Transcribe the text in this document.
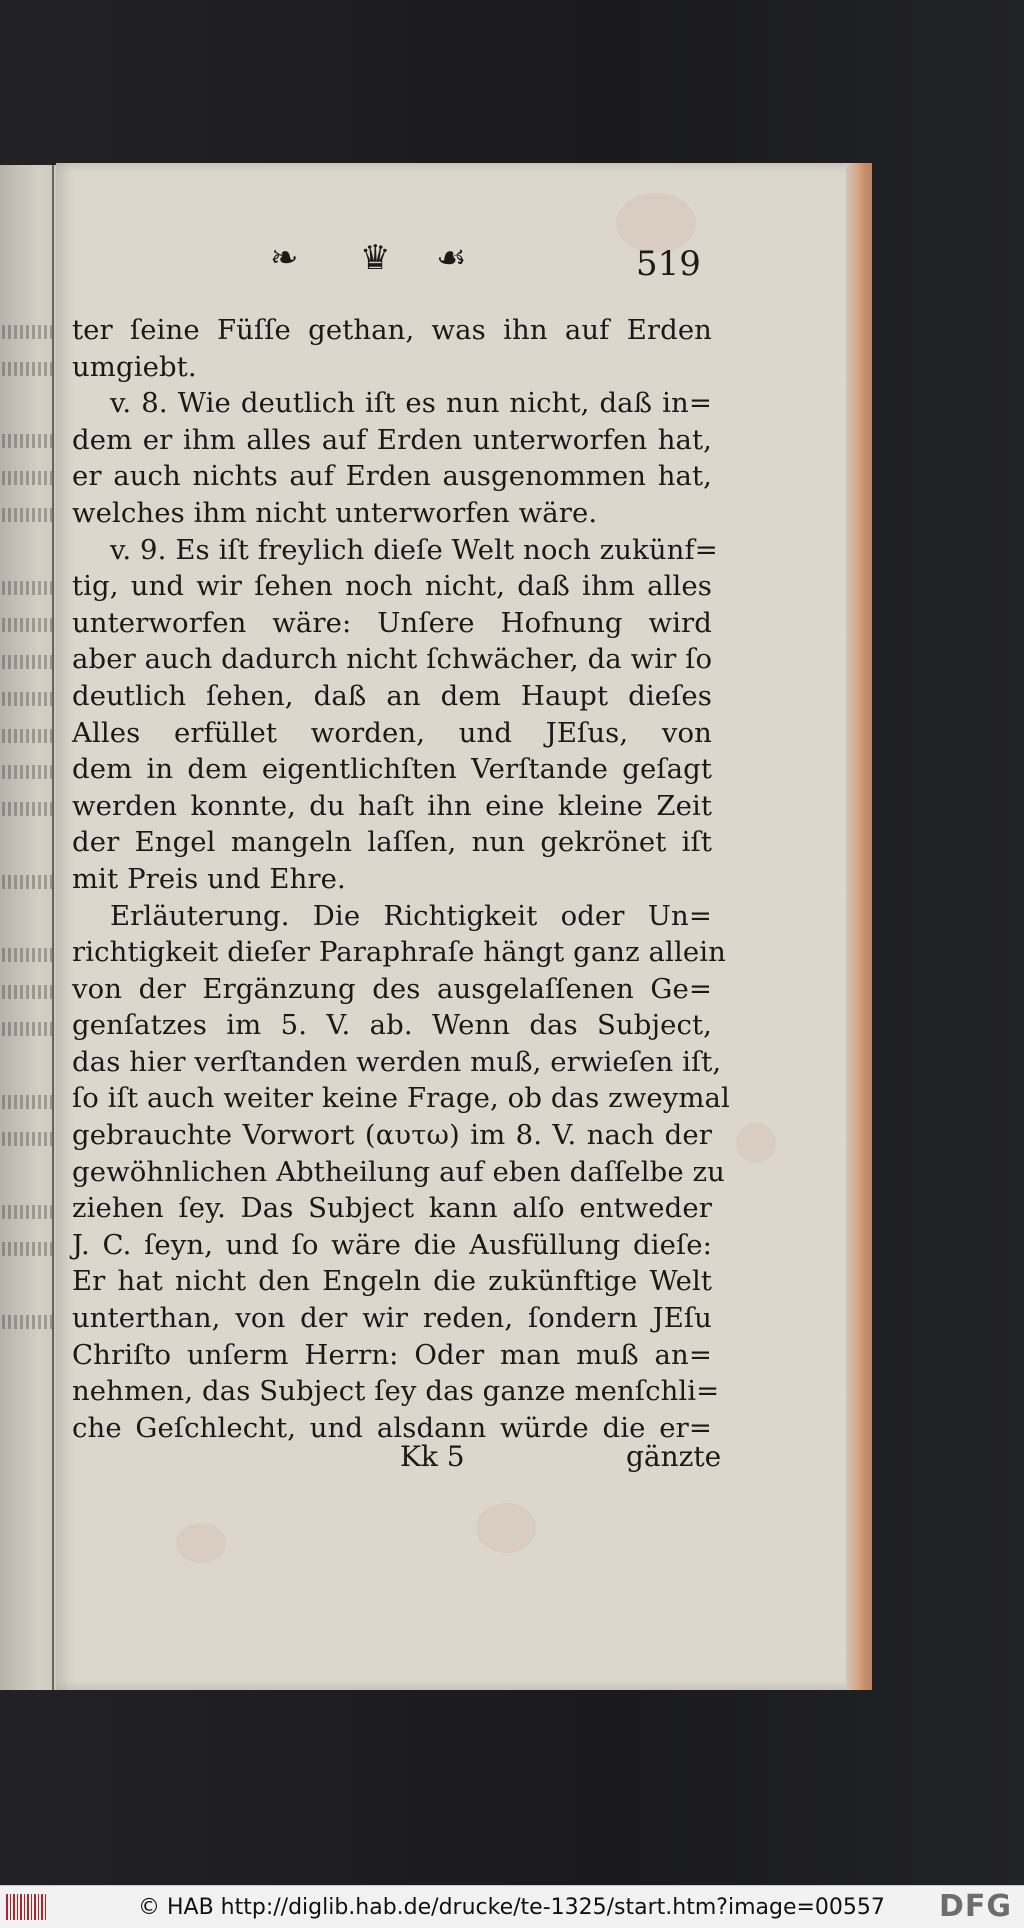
❧ ♛ ☙	519
ter ſeine Füſſe gethan, was ihn auf Erden
umgiebt.
v. 8. Wie deutlich iſt es nun nicht, daß in=
dem er ihm alles auf Erden unterworfen hat,
er auch nichts auf Erden ausgenommen hat,
welches ihm nicht unterworfen wäre.
v. 9. Es iſt freylich dieſe Welt noch zukünf=
tig, und wir ſehen noch nicht, daß ihm alles
unterworfen wäre: Unſere Hofnung wird
aber auch dadurch nicht ſchwächer, da wir ſo
deutlich ſehen, daß an dem Haupt dieſes
Alles erfüllet worden, und JEſus, von
dem in dem eigentlichſten Verſtande geſagt
werden konnte, du haſt ihn eine kleine Zeit
der Engel mangeln laſſen, nun gekrönet iſt
mit Preis und Ehre.
Erläuterung. Die Richtigkeit oder Un=
richtigkeit dieſer Paraphraſe hängt ganz allein
von der Ergänzung des ausgelaſſenen Ge=
genſatzes im 5. V. ab. Wenn das Subject,
das hier verſtanden werden muß, erwieſen iſt,
ſo iſt auch weiter keine Frage, ob das zweymal
gebrauchte Vorwort (αυτω) im 8. V. nach der
gewöhnlichen Abtheilung auf eben daſſelbe zu
ziehen ſey. Das Subject kann alſo entweder
J. C. ſeyn, und ſo wäre die Ausfüllung dieſe:
Er hat nicht den Engeln die zukünftige Welt
unterthan, von der wir reden, ſondern JEſu
Chriſto unſerm Herrn: Oder man muß an=
nehmen, das Subject ſey das ganze menſchli=
che Geſchlecht, und alsdann würde die er=
Kk 5	gänzte
© HAB http://diglib.hab.de/drucke/te-1325/start.htm?image=00557 DFG
